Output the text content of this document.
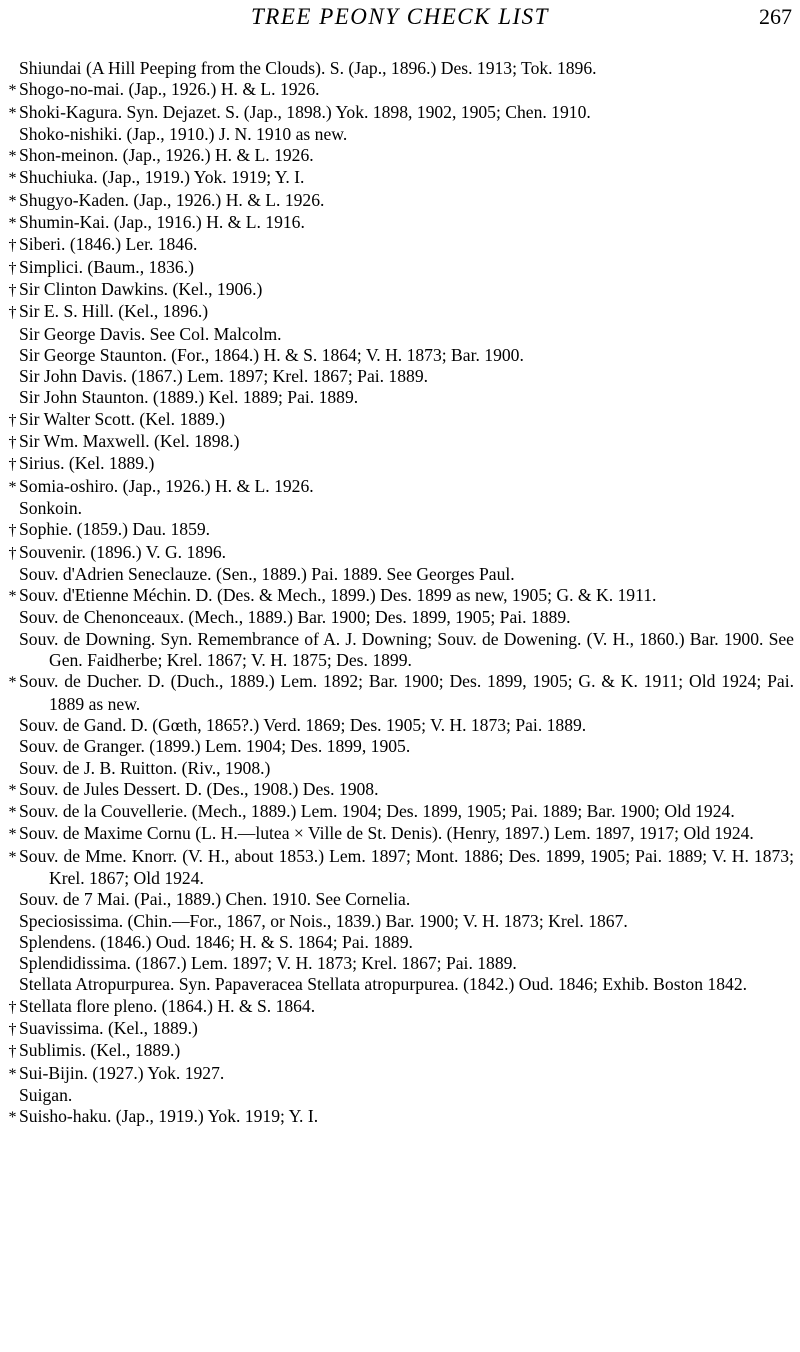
TREE PEONY CHECK LIST	267
Shiundai (A Hill Peeping from the Clouds). S. (Jap., 1896.) Des. 1913; Tok. 1896.
* Shogo-no-mai. (Jap., 1926.) H. & L. 1926.
* Shoki-Kagura. Syn. Dejazet. S. (Jap., 1898.) Yok. 1898, 1902, 1905; Chen. 1910.
Shoko-nishiki. (Jap., 1910.) J. N. 1910 as new.
* Shon-meinon. (Jap., 1926.) H. & L. 1926.
* Shuchiuka. (Jap., 1919.) Yok. 1919; Y. I.
* Shugyo-Kaden. (Jap., 1926.) H. & L. 1926.
* Shumin-Kai. (Jap., 1916.) H. & L. 1916.
† Siberi. (1846.) Ler. 1846.
† Simplici. (Baum., 1836.)
† Sir Clinton Dawkins. (Kel., 1906.)
† Sir E. S. Hill. (Kel., 1896.)
Sir George Davis. See Col. Malcolm.
Sir George Staunton. (For., 1864.) H. & S. 1864; V. H. 1873; Bar. 1900.
Sir John Davis. (1867.) Lem. 1897; Krel. 1867; Pai. 1889.
Sir John Staunton. (1889.) Kel. 1889; Pai. 1889.
† Sir Walter Scott. (Kel. 1889.)
† Sir Wm. Maxwell. (Kel. 1898.)
† Sirius. (Kel. 1889.)
* Somia-oshiro. (Jap., 1926.) H. & L. 1926.
Sonkoin.
† Sophie. (1859.) Dau. 1859.
† Souvenir. (1896.) V. G. 1896.
Souv. d'Adrien Seneclauze. (Sen., 1889.) Pai. 1889. See Georges Paul.
* Souv. d'Etienne Méchin. D. (Des. & Mech., 1899.) Des. 1899 as new, 1905; G. & K. 1911.
Souv. de Chenonceaux. (Mech., 1889.) Bar. 1900; Des. 1899, 1905; Pai. 1889.
Souv. de Downing. Syn. Remembrance of A. J. Downing; Souv. de Dowening. (V. H., 1860.) Bar. 1900. See Gen. Faidherbe; Krel. 1867; V. H. 1875; Des. 1899.
* Souv. de Ducher. D. (Duch., 1889.) Lem. 1892; Bar. 1900; Des. 1899, 1905; G. & K. 1911; Old 1924; Pai. 1889 as new.
Souv. de Gand. D. (Gœth, 1865?.) Verd. 1869; Des. 1905; V. H. 1873; Pai. 1889.
Souv. de Granger. (1899.) Lem. 1904; Des. 1899, 1905.
Souv. de J. B. Ruitton. (Riv., 1908.)
* Souv. de Jules Dessert. D. (Des., 1908.) Des. 1908.
* Souv. de la Couvellerie. (Mech., 1889.) Lem. 1904; Des. 1899, 1905; Pai. 1889; Bar. 1900; Old 1924.
* Souv. de Maxime Cornu (L. H.—lutea × Ville de St. Denis). (Henry, 1897.) Lem. 1897, 1917; Old 1924.
* Souv. de Mme. Knorr. (V. H., about 1853.) Lem. 1897; Mont. 1886; Des. 1899, 1905; Pai. 1889; V. H. 1873; Krel. 1867; Old 1924.
Souv. de 7 Mai. (Pai., 1889.) Chen. 1910. See Cornelia.
Speciosissima. (Chin.—For., 1867, or Nois., 1839.) Bar. 1900; V. H. 1873; Krel. 1867.
Splendens. (1846.) Oud. 1846; H. & S. 1864; Pai. 1889.
Splendidissima. (1867.) Lem. 1897; V. H. 1873; Krel. 1867; Pai. 1889.
Stellata Atropurpurea. Syn. Papaveracea Stellata atropurpurea. (1842.) Oud. 1846; Exhib. Boston 1842.
† Stellata flore pleno. (1864.) H. & S. 1864.
† Suavissima. (Kel., 1889.)
† Sublimis. (Kel., 1889.)
* Sui-Bijin. (1927.) Yok. 1927.
Suigan.
* Suisho-haku. (Jap., 1919.) Yok. 1919; Y. I.
